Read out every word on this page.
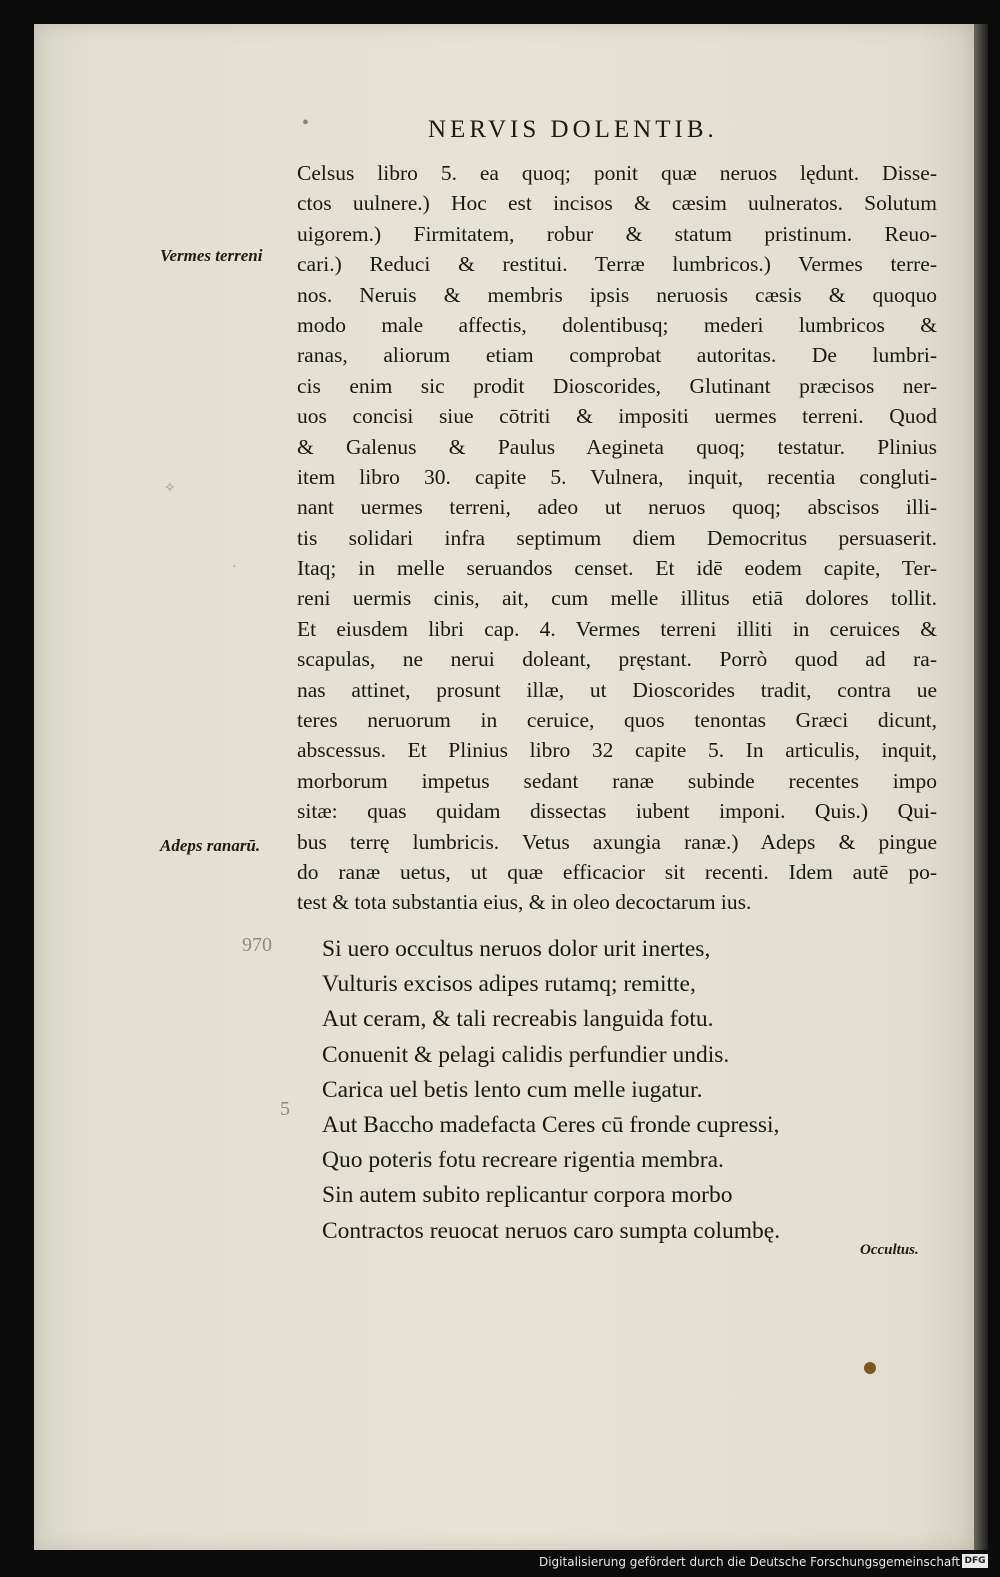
•	NERVIS DOLENTIB.
Vermes terreni
Adeps ranarū.
✧
·
Celsus libro 5. ea quoq; ponit quæ neruos lędunt. Disse-
ctos uulnere.) Hoc est incisos & cæsim uulneratos. Solutum
uigorem.) Firmitatem, robur & statum pristinum. Reuo-
cari.) Reduci & restitui. Terræ lumbricos.) Vermes terre-
nos. Neruis & membris ipsis neruosis cæsis & quoquo
modo male affectis, dolentibusq; mederi lumbricos &
ranas, aliorum etiam comprobat autoritas. De lumbri-
cis enim sic prodit Dioscorides, Glutinant præcisos ner-
uos concisi siue cōtriti & impositi uermes terreni. Quod
& Galenus & Paulus Aegineta quoq; testatur. Plinius
item libro 30. capite 5. Vulnera, inquit, recentia congluti-
nant uermes terreni, adeo ut neruos quoq; abscisos illi-
tis solidari infra septimum diem Democritus persuaserit.
Itaq; in melle seruandos censet. Et idē eodem capite, Ter-
reni uermis cinis, ait, cum melle illitus etiā dolores tollit.
Et eiusdem libri cap. 4. Vermes terreni illiti in ceruices &
scapulas, ne nerui doleant, pręstant. Porrò quod ad ra-
nas attinet, prosunt illæ, ut Dioscorides tradit, contra ue
teres neruorum in ceruice, quos tenontas Græci dicunt,
abscessus. Et Plinius libro 32 capite 5. In articulis, inquit,
morborum impetus sedant ranæ subinde recentes impo
sitæ: quas quidam dissectas iubent imponi. Quis.) Qui-
bus terrę lumbricis. Vetus axungia ranæ.) Adeps & pingue
do ranæ uetus, ut quæ efficacior sit recenti. Idem autē po-
test & tota substantia eius, & in oleo decoctarum ius.
970
5
Si uero occultus neruos dolor urit inertes,
Vulturis excisos adipes rutamq; remitte,
Aut ceram, & tali recreabis languida fotu.
Conuenit & pelagi calidis perfundier undis.
Carica uel betis lento cum melle iugatur.
Aut Baccho madefacta Ceres cū fronde cupressi,
Quo poteris fotu recreare rigentia membra.
Sin autem subito replicantur corpora morbo
Contractos reuocat neruos caro sumpta columbę.
Occultus.
Digitalisierung gefördert durch die Deutsche Forschungsgemeinschaft DFG
